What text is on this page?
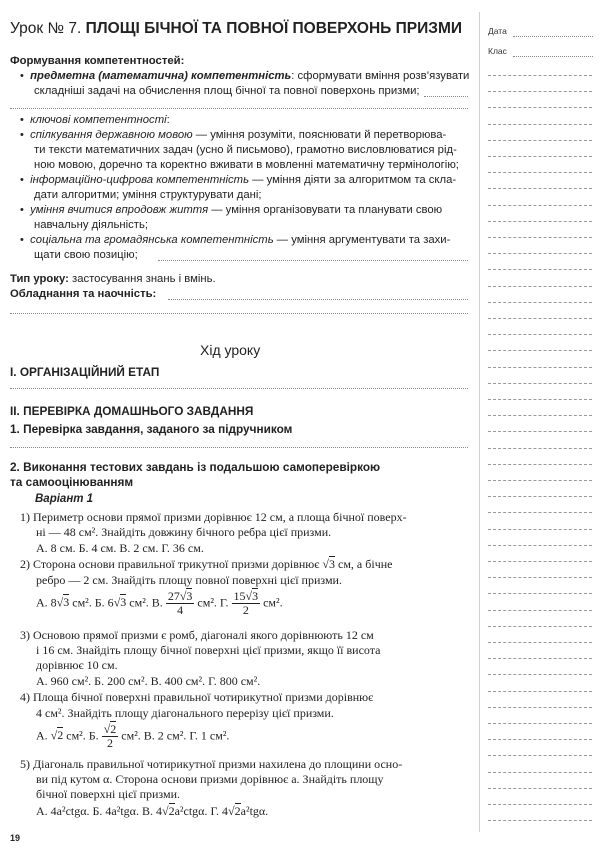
Урок № 7. ПЛОЩІ БІЧНОЇ ТА ПОВНОЇ ПОВЕРХОНЬ ПРИЗМИ	Дата
Клас
Формування компетентностей:
• предметна (математична) компетентність: сформувати вміння розв’язувати
складніші задачі на обчислення площ бічної та повної поверхонь призми;
• ключові компетентності:
• спілкування державною мовою — уміння розуміти, пояснювати й перетворюва-
ти тексти математичних задач (усно й письмово), грамотно висловлюватися рід-
ною мовою, доречно та коректно вживати в мовленні математичну термінологію;
• інформаційно-цифрова компетентність — уміння діяти за алгоритмом та скла-
дати алгоритми; уміння структурувати дані;
• уміння вчитися впродовж життя — уміння організовувати та планувати свою
навчальну діяльність;
• соціальна та громадянська компетентність — уміння аргументувати та захи-
щати свою позицію;
Тип уроку: застосування знань і вмінь.
Обладнання та наочність:
Хід уроку
І. ОРГАНІЗАЦІЙНИЙ ЕТАП
ІІ. ПЕРЕВІРКА ДОМАШНЬОГО ЗАВДАННЯ
1. Перевірка завдання, заданого за підручником
2. Виконання тестових завдань із подальшою самоперевіркою
та самооцінюванням
Варіант 1
1) Периметр основи прямої призми дорівнює 12 см, а площа бічної поверх-
ні — 48 см². Знайдіть довжину бічного ребра цієї призми.
А. 8 см. Б. 4 см. В. 2 см. Г. 36 см.
2) Сторона основи правильної трикутної призми дорівнює √3 см, а бічне
ребро — 2 см. Знайдіть площу повної поверхні цієї призми.
А. 8√3 см². Б. 6√3 см². В. $\frac{27√3}{4} см^2$. Г. $\frac{15√3}{2} см^2$.
3) Основою прямої призми є ромб, діагоналі якого дорівнюють 12 см
і 16 см. Знайдіть площу бічної поверхні цієї призми, якщо її висота
дорівнює 10 см.
А. 960 см². Б. 200 см². В. 400 см². Г. 800 см².
4) Площа бічної поверхні правильної чотирикутної призми дорівнює
4 см². Знайдіть площу діагонального перерізу цієї призми.
А. √2 см². Б. $\frac{√2}{2} см^2$. В. 2 см². Г. 1 см².
5) Діагональ правильної чотирикутної призми нахилена до площини осно-
ви під кутом α. Сторона основи призми дорівнює a. Знайдіть площу
бічної поверхні цієї призми.
А. 4a²ctgα. Б. 4a²tgα. В. 4√2a²ctgα. Г. 4√2a²tgα.
19
